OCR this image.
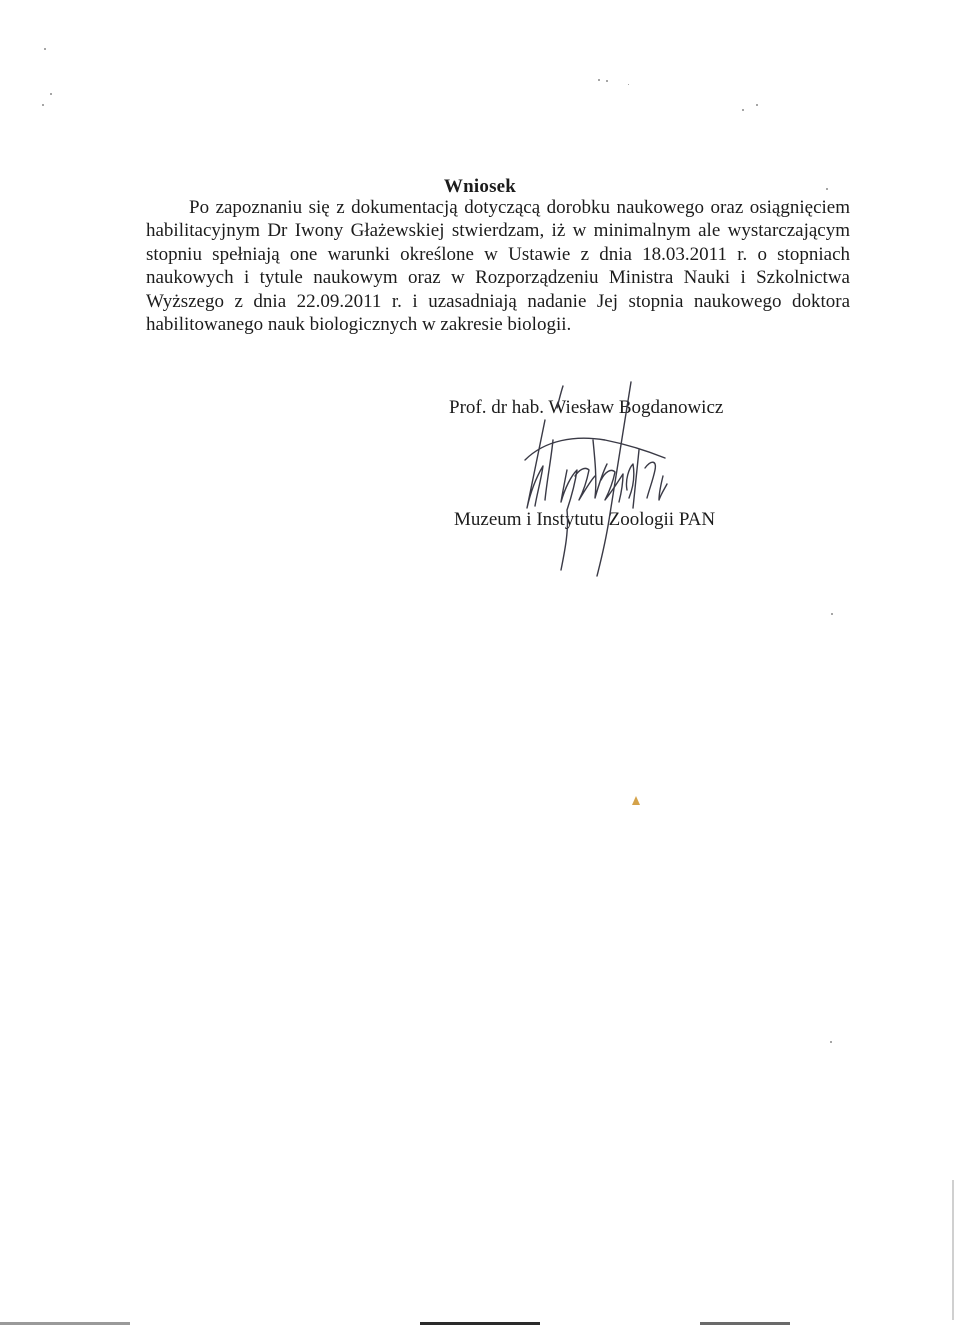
Wniosek
Po zapoznaniu się z dokumentacją dotyczącą dorobku naukowego oraz osiągnięciem
habilitacyjnym Dr Iwony Głażewskiej stwierdzam, iż w minimalnym ale wystarczającym
stopniu spełniają one warunki określone w Ustawie z dnia 18.03.2011 r. o stopniach
naukowych i tytule naukowym oraz w Rozporządzeniu Ministra Nauki i Szkolnictwa
Wyższego z dnia 22.09.2011 r. i uzasadniają nadanie Jej stopnia naukowego doktora
habilitowanego nauk biologicznych w zakresie biologii.
Prof. dr hab. Wiesław Bogdanowicz
Muzeum i Instytutu Zoologii PAN
